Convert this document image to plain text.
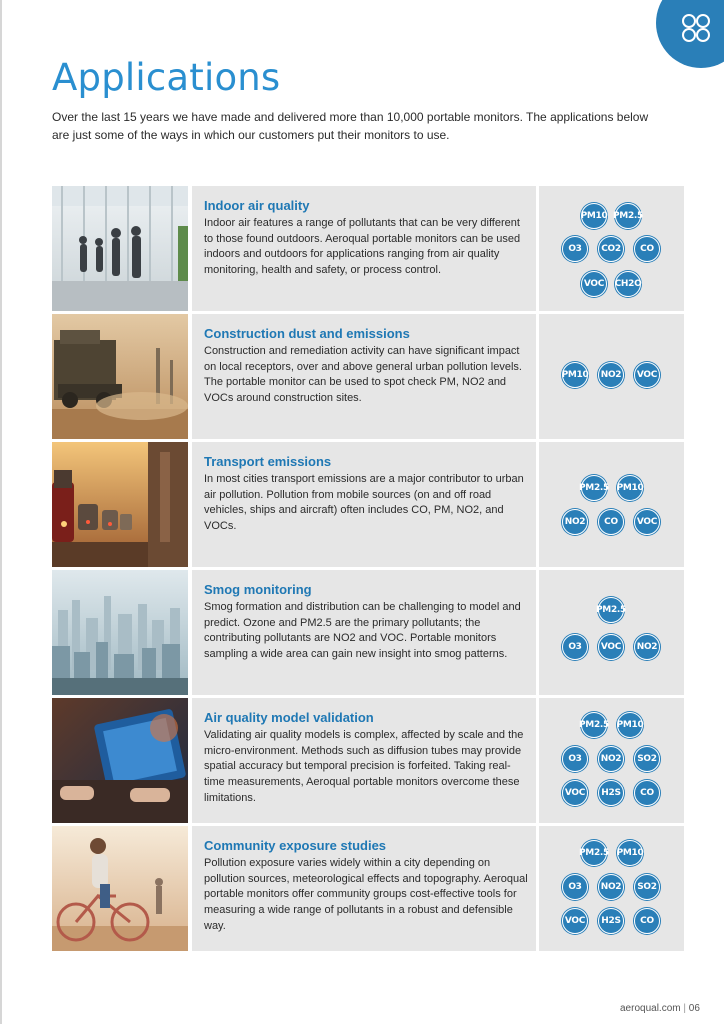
Applications

Over the last 15 years we have made and delivered more than 10,000 portable monitors. The applications below are just some of the ways in which our customers put their monitors to use.

Indoor air quality

Indoor air features a range of pollutants that can be very different to those found outdoors. Aeroqual portable monitors can be used indoors and outdoors for applications ranging from air quality monitoring, health and safety, or process control.

PM10 PM2.5
O3	CO2	CO
VOC	CH2O
Construction dust and emissions

Construction and remediation activity can have significant impact on local receptors, over and above general urban pollution levels. The portable monitor can be used to spot check PM, NO2 and VOCs around construction sites.

PM10	NO2	VOC
Transport emissions

In most cities transport emissions are a major contributor to urban air pollution. Pollution from mobile sources (on and off road vehicles, ships and aircraft) often includes CO, PM, NO2, and VOCs.

PM2.5 PM10
NO2	CO	VOC
Smog monitoring

Smog formation and distribution can be challenging to model and predict. Ozone and PM2.5 are the primary pollutants; the contributing pollutants are NO2 and VOC. Portable monitors sampling a wide area can gain new insight into smog patterns.

PM2.5
O3	VOC	NO2
Air quality model validation

Validating air quality models is complex, affected by scale and the micro-environment. Methods such as diffusion tubes may provide spatial accuracy but temporal precision is forfeited. Taking real-time measurements, Aeroqual portable monitors overcome these limitations.

PM2.5 PM10
O3	NO2	SO2
VOC	H2S	CO
Community exposure studies

Pollution exposure varies widely within a city depending on pollution sources, meteorological effects and topography. Aeroqual portable monitors offer community groups cost-effective tools for measuring a wide range of pollutants in a robust and defensible way.

PM2.5 PM10
O3	NO2	SO2
VOC	H2S	CO
aeroqual.com | 06
